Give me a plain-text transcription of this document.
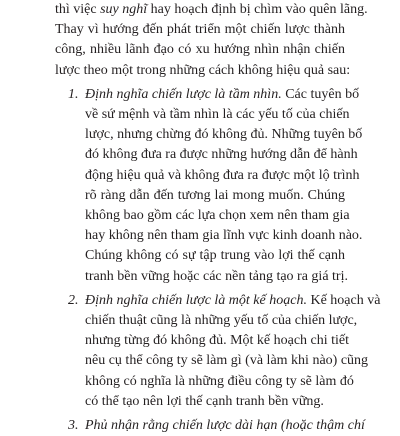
thì việc suy nghĩ hay hoạch định bị chìm vào quên lãng.
Thay vì hướng đến phát triển một chiến lược thành
công, nhiều lãnh đạo có xu hướng nhìn nhận chiến
lược theo một trong những cách không hiệu quả sau:
1. Định nghĩa chiến lược là tầm nhìn. Các tuyên bố
về sứ mệnh và tầm nhìn là các yếu tố của chiến
lược, nhưng chừng đó không đủ. Những tuyên bố
đó không đưa ra được những hướng dẫn để hành
động hiệu quả và không đưa ra được một lộ trình
rõ ràng dẫn đến tương lai mong muốn. Chúng
không bao gồm các lựa chọn xem nên tham gia
hay không nên tham gia lĩnh vực kinh doanh nào.
Chúng không có sự tập trung vào lợi thế cạnh
tranh bền vững hoặc các nền tảng tạo ra giá trị.
2. Định nghĩa chiến lược là một kế hoạch. Kế hoạch và
chiến thuật cũng là những yếu tố của chiến lược,
nhưng từng đó không đủ. Một kế hoạch chi tiết
nêu cụ thể công ty sẽ làm gì (và làm khi nào) cũng
không có nghĩa là những điều công ty sẽ làm đó
có thể tạo nên lợi thế cạnh tranh bền vững.
3. Phủ nhận rằng chiến lược dài hạn (hoặc thậm chí
